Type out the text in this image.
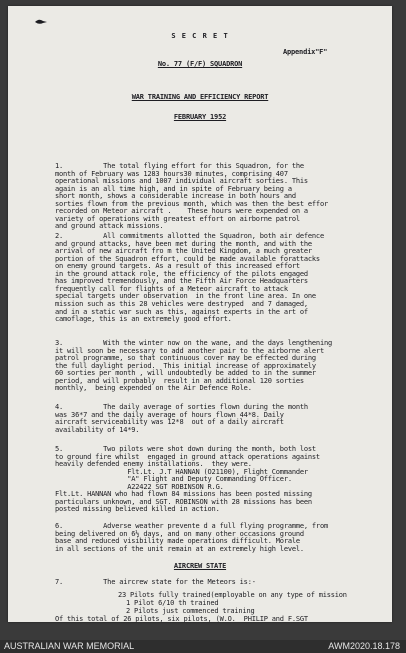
S E C R E T
Appendix"F"
No. 77 (F/F) SQUADRON
WAR TRAINING AND EFFICIENCY REPORT
FEBRUARY 1952
AIRCREW STATE
7.          The aircrew state for the Meteors is:-
23 Pilots fully trained(employable on any type of mission
1 Pilot 6/10 th trained
2 Pilots just commenced training
Of this total of 26 pilots, six pilots, (W.O.  PHILIP and F.SGT
1.          The total flying effort for this Squadron, for the
month of February was 1283 hours30 minutes, comprising 407
operational missions and 1007 individual aircraft sorties. This
again is an all time high, and in spite of February being a
short month, shows a considerable increase in both hours and
sorties flown from the previous month, which was then the best effor
recorded on Meteor aircraft .    These hours were expended on a
variety of operations with greatest effort on airborne patrol
and ground attack missions.
2.          All commitments allotted the Squadron, both air defence
and ground attacks, have been met during the month, and with the
arrival of new aircraft fro m the United Kingdom, a much greater
portion of the Squadron effort, could be made available forattacks
on enemy ground targets. As a result of this increased effort
in the ground attack role, the efficiency of the pilots engaged
has improved tremendously, and the Fifth Air Force Headquarters
frequently call for flights of a Meteor aircraft to attack
special targets under observation  in the front line area. In one
mission such as this 28 vehicles were destryped  and 7 damaged,
and in a static war such as this, against experts in the art of
camoflage, this is an extremely good effort.
3.          With the winter now on the wane, and the days lengthening
it will soon be necessary to add another pair to the airborne alert
patrol programme, so that continuous cover may be effected during
the full daylight period.  This initial increase of approximately
60 sorties per month , will undoubtedly be added to in the summer
period, and will probably  result in an additional 120 sorties
monthly,  being expended on the Air Defence Role.
4.          The daily average of sorties flown during the month
was 36*7 and the daily average of hours flown 44*8. Daily
aircraft serviceability was 12*8  out of a daily aircraft
availability of 14*9.
5.          Two pilots were shot down during the month, both lost
to ground fire whilst  engaged in ground attack operations against
heavily defended enemy installations.  they were.
Flt.Lt. J.T HANNAN (O21100), Flight Commander
"A" Flight and Deputy Commanding Officer.
A22422 SGT ROBINSON R.G.
Flt.Lt. HANNAN who had flown 84 missions has been posted missing
particulars unknown, and SGT. ROBINSON with 28 missions has been
posted missing believed killed in action.
6.          Adverse weather prevente d a full flying programme, from
being delivered on 6½ days, and on many other occasions ground
base and reduced visibility made operations difficult. Morale
in all sections of the unit remain at an extremely high level.
AUSTRALIAN WAR MEMORIAL	AWM2020.18.178
